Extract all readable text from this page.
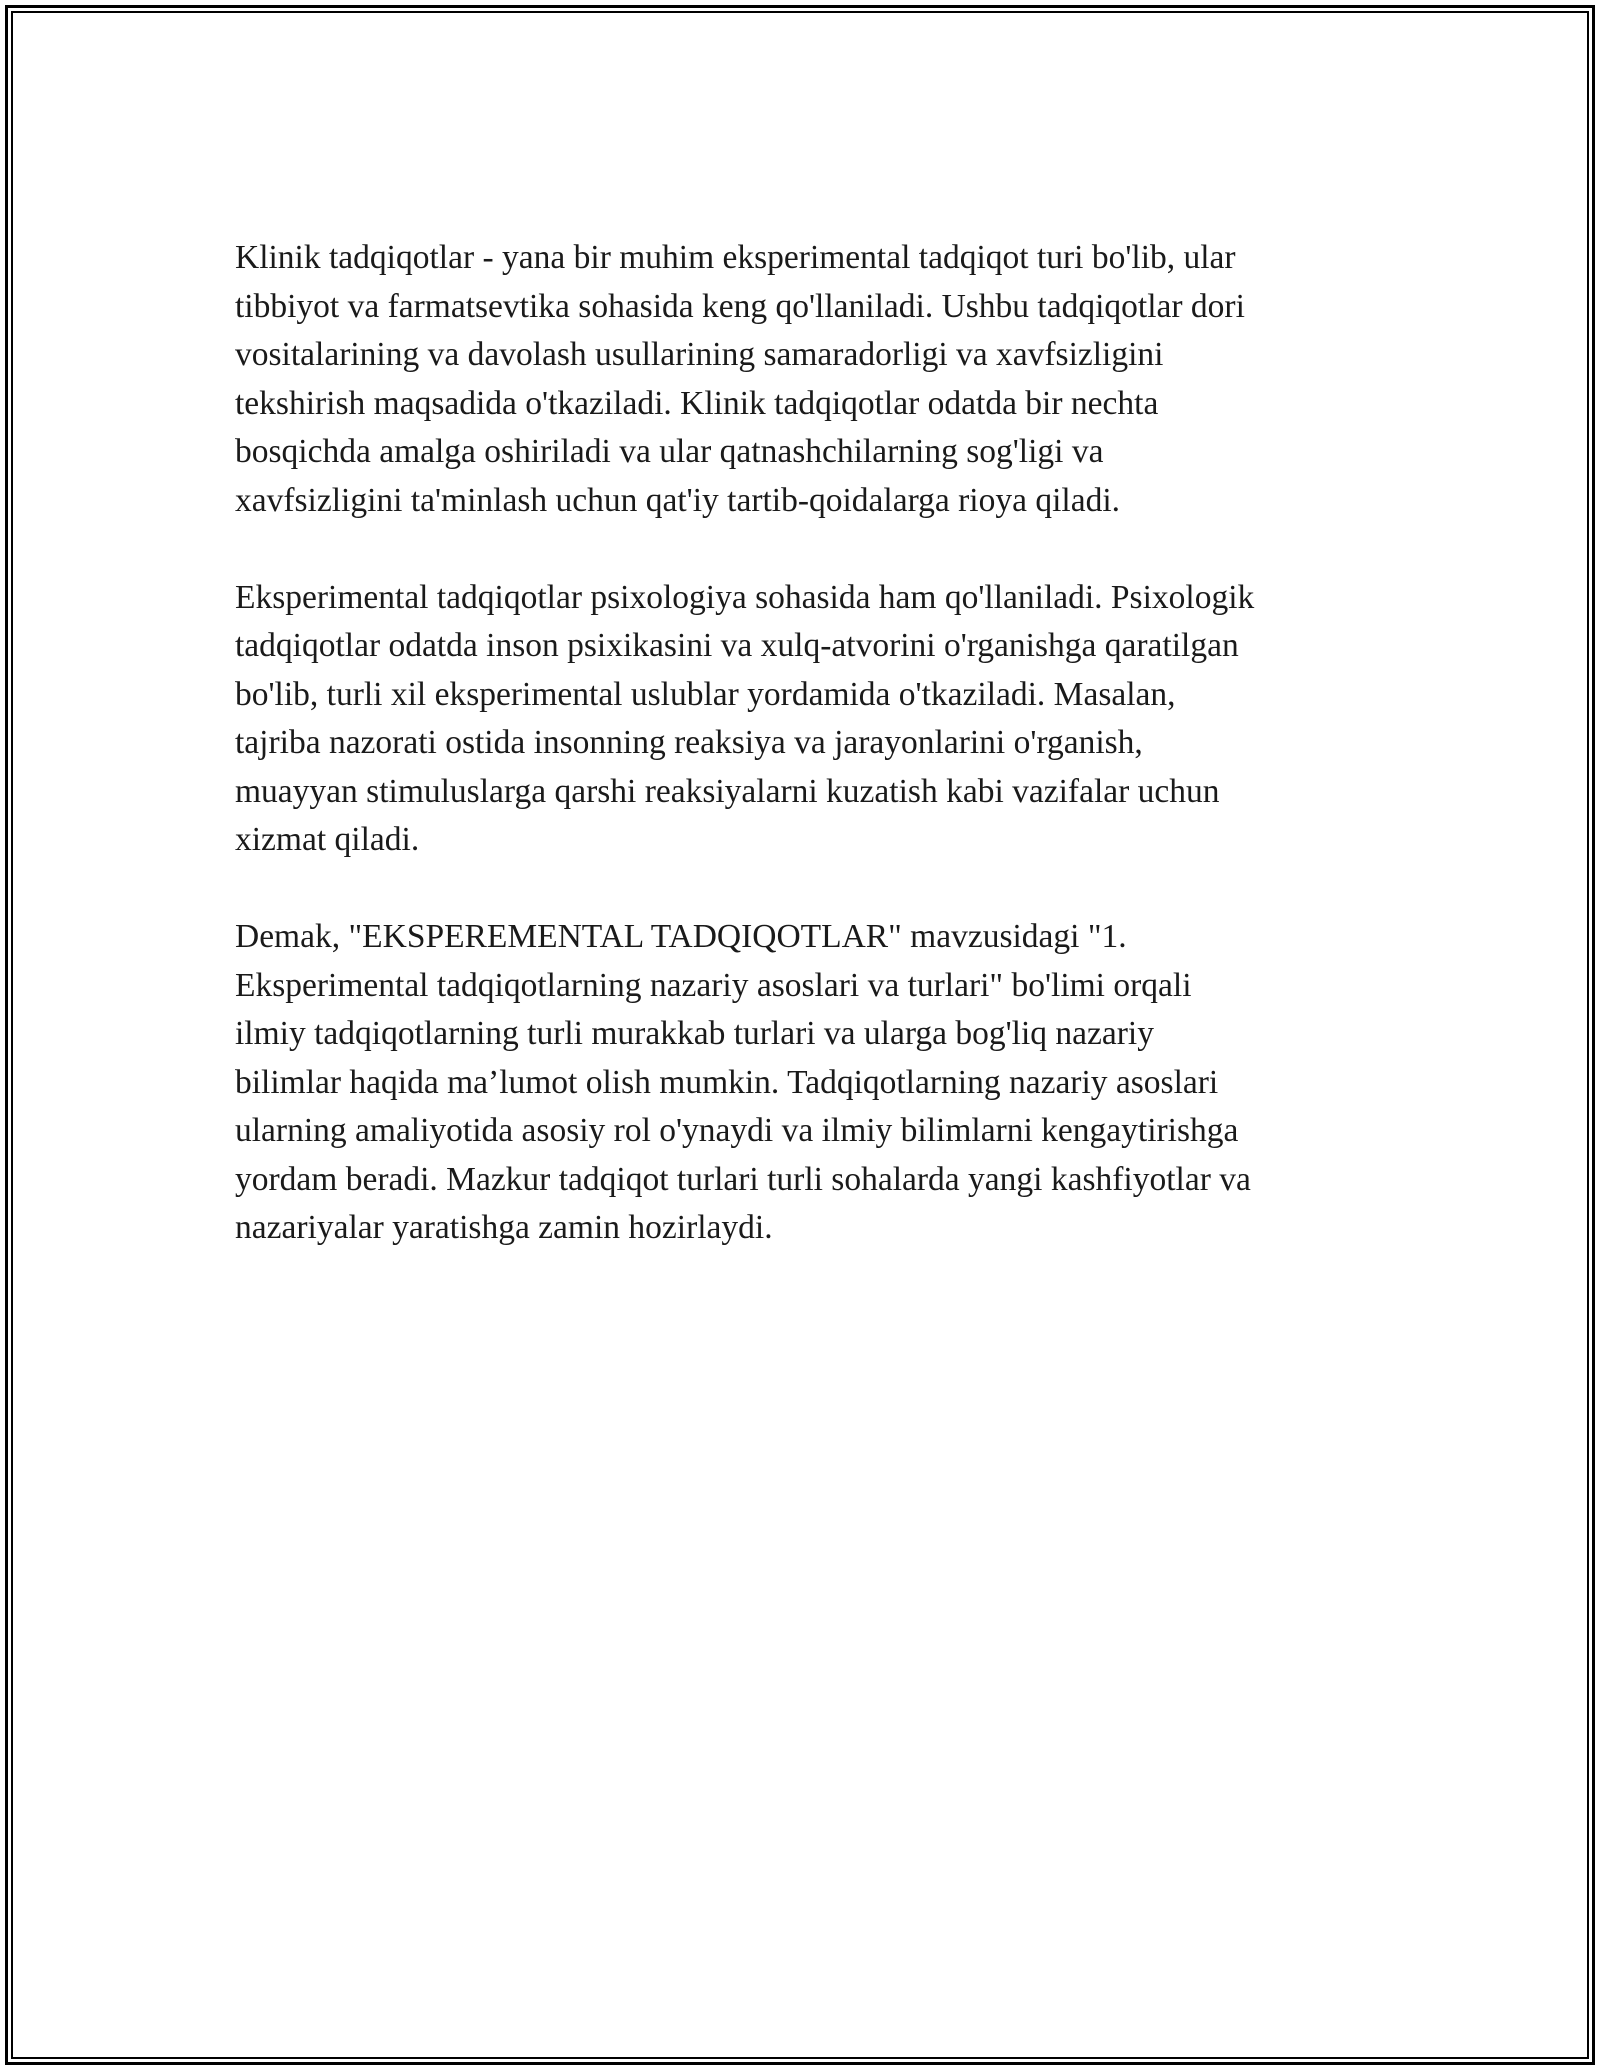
Klinik tadqiqotlar - yana bir muhim eksperimental tadqiqot turi bo'lib, ular
tibbiyot va farmatsevtika sohasida keng qo'llaniladi. Ushbu tadqiqotlar dori
vositalarining va davolash usullarining samaradorligi va xavfsizligini
tekshirish maqsadida o'tkaziladi. Klinik tadqiqotlar odatda bir nechta
bosqichda amalga oshiriladi va ular qatnashchilarning sog'ligi va
xavfsizligini ta'minlash uchun qat'iy tartib-qoidalarga rioya qiladi.

Eksperimental tadqiqotlar psixologiya sohasida ham qo'llaniladi. Psixologik
tadqiqotlar odatda inson psixikasini va xulq-atvorini o'rganishga qaratilgan
bo'lib, turli xil eksperimental uslublar yordamida o'tkaziladi. Masalan,
tajriba nazorati ostida insonning reaksiya va jarayonlarini o'rganish,
muayyan stimuluslarga qarshi reaksiyalarni kuzatish kabi vazifalar uchun
xizmat qiladi.

Demak, "EKSPEREMENTAL TADQIQOTLAR" mavzusidagi "1.
Eksperimental tadqiqotlarning nazariy asoslari va turlari" bo'limi orqali
ilmiy tadqiqotlarning turli murakkab turlari va ularga bog'liq nazariy
bilimlar haqida ma’lumot olish mumkin. Tadqiqotlarning nazariy asoslari
ularning amaliyotida asosiy rol o'ynaydi va ilmiy bilimlarni kengaytirishga
yordam beradi. Mazkur tadqiqot turlari turli sohalarda yangi kashfiyotlar va
nazariyalar yaratishga zamin hozirlaydi.
